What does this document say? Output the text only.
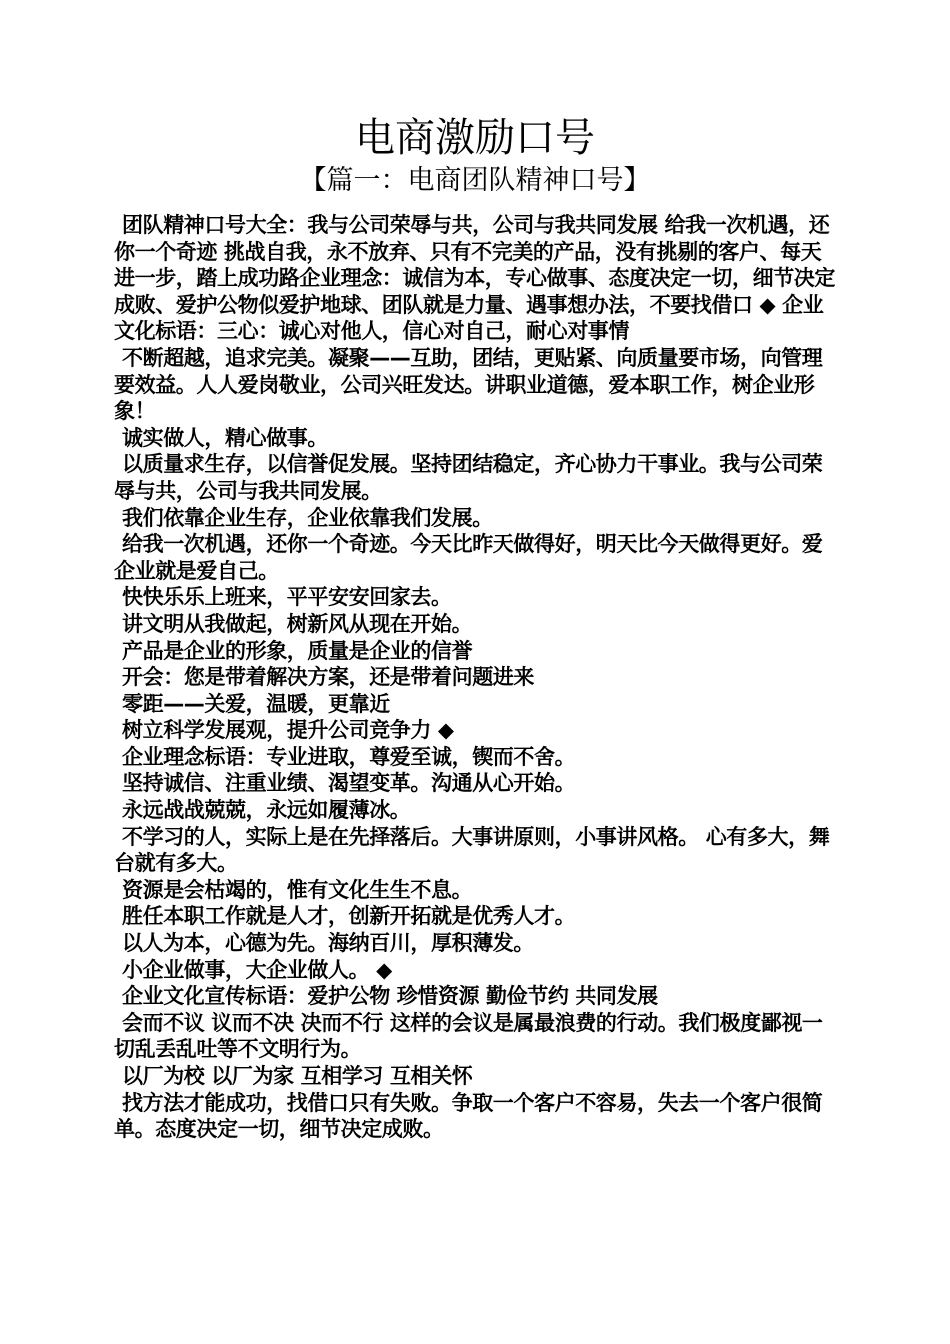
电商激励口号
【篇一：电商团队精神口号】

团队精神口号大全：我与公司荣辱与共，公司与我共同发展 给我一次机遇，还你一个奇迹 挑战自我，永不放弃、只有不完美的产品，没有挑剔的客户、每天进一步，踏上成功路企业理念：诚信为本，专心做事、态度决定一切，细节决定成败、爱护公物似爱护地球、团队就是力量、遇事想办法，不要找借口 ◆ 企业文化标语：三心：诚心对他人，信心对自己，耐心对事情

不断超越，追求完美。凝聚——互助，团结，更贴紧、向质量要市场，向管理要效益。人人爱岗敬业，公司兴旺发达。讲职业道德，爱本职工作，树企业形象！

诚实做人，精心做事。

以质量求生存，以信誉促发展。坚持团结稳定，齐心协力干事业。我与公司荣辱与共，公司与我共同发展。

我们依靠企业生存，企业依靠我们发展。

给我一次机遇，还你一个奇迹。今天比昨天做得好，明天比今天做得更好。爱企业就是爱自己。

快快乐乐上班来，平平安安回家去。

讲文明从我做起，树新风从现在开始。

产品是企业的形象，质量是企业的信誉

开会：您是带着解决方案，还是带着问题进来

零距——关爱，温暖，更靠近

树立科学发展观，提升公司竞争力 ◆

企业理念标语：专业进取，尊爱至诚，锲而不舍。

坚持诚信、注重业绩、渴望变革。沟通从心开始。

永远战战兢兢，永远如履薄冰。

不学习的人，实际上是在先择落后。大事讲原则，小事讲风格。 心有多大，舞台就有多大。

资源是会枯竭的，惟有文化生生不息。

胜任本职工作就是人才，创新开拓就是优秀人才。

以人为本，心德为先。海纳百川，厚积薄发。

小企业做事，大企业做人。 ◆

企业文化宣传标语：爱护公物 珍惜资源 勤俭节约 共同发展

会而不议 议而不决 决而不行 这样的会议是属最浪费的行动。我们极度鄙视一切乱丢乱吐等不文明行为。

以厂为校 以厂为家 互相学习 互相关怀

找方法才能成功，找借口只有失败。争取一个客户不容易，失去一个客户很简单。态度决定一切，细节决定成败。
